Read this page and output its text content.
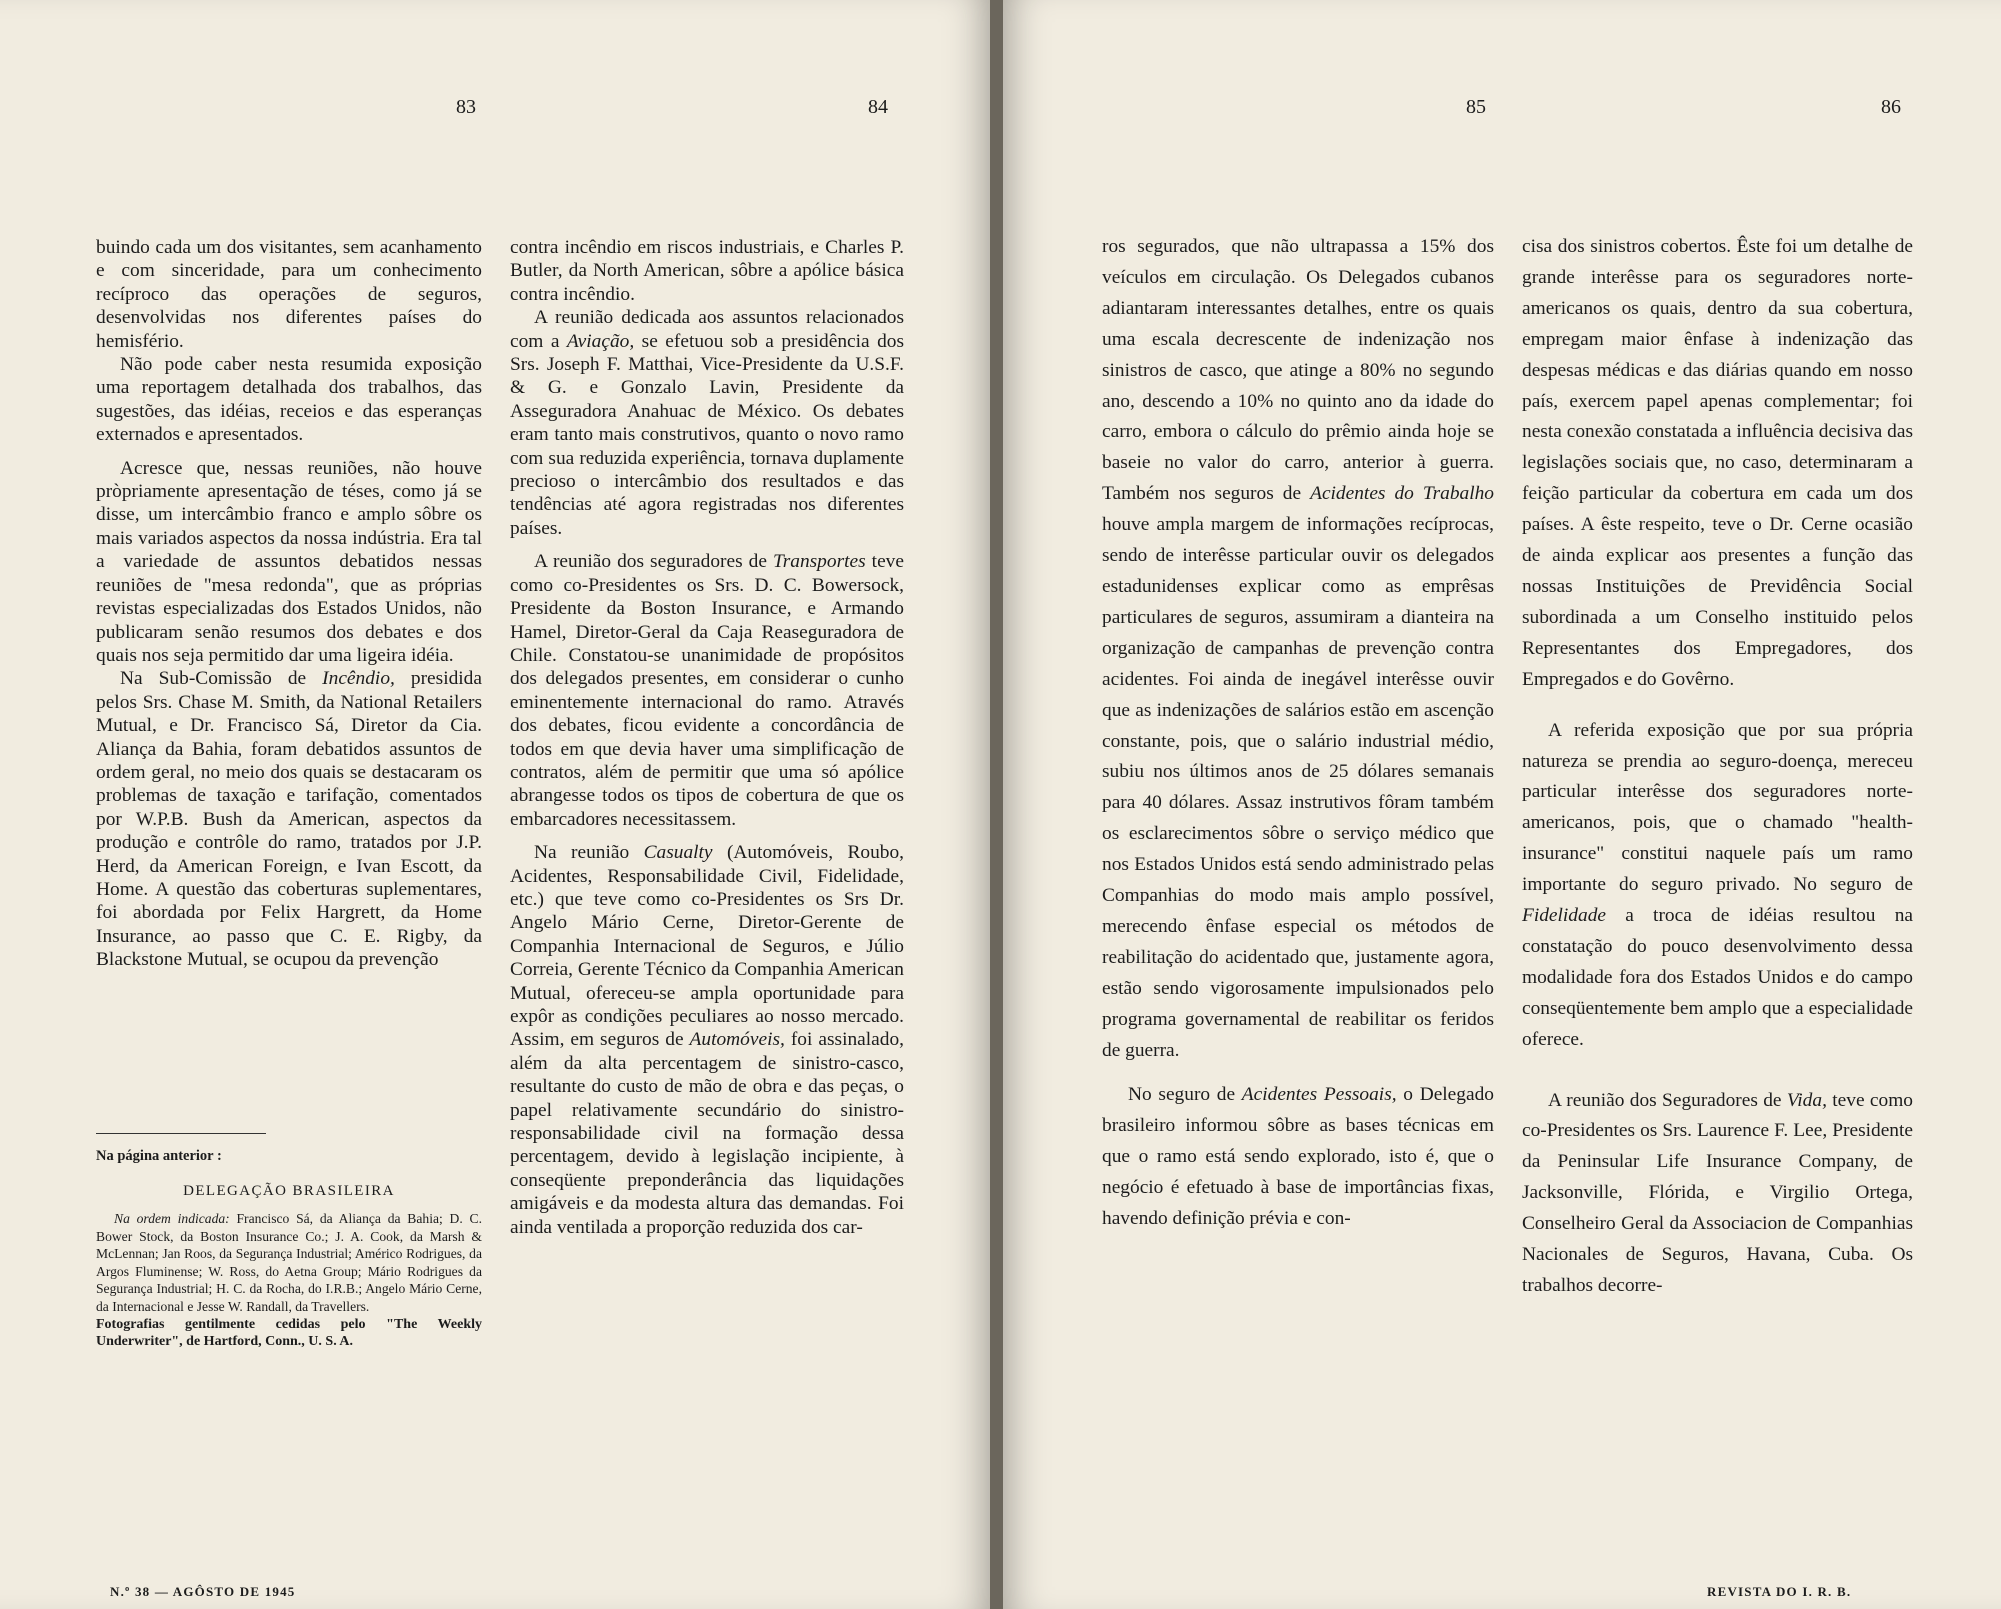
83	84

buindo cada um dos visitantes, sem acanhamento e com sinceridade, para um conhecimento recíproco das operações de seguros, desenvolvidas nos diferentes países do hemisfério.

Não pode caber nesta resumida exposição uma reportagem detalhada dos trabalhos, das sugestões, das idéias, receios e das esperanças externados e apresentados.

Acresce que, nessas reuniões, não houve pròpriamente apresentação de téses, como já se disse, um intercâmbio franco e amplo sôbre os mais variados aspectos da nossa indústria. Era tal a variedade de assuntos debatidos nessas reuniões de "mesa redonda", que as próprias revistas especializadas dos Estados Unidos, não publicaram senão resumos dos debates e dos quais nos seja permitido dar uma ligeira idéia.

Na Sub-Comissão de Incêndio, presidida pelos Srs. Chase M. Smith, da National Retailers Mutual, e Dr. Francisco Sá, Diretor da Cia. Aliança da Bahia, foram debatidos assuntos de ordem geral, no meio dos quais se destacaram os problemas de taxação e tarifação, comentados por W.P.B. Bush da American, aspectos da produção e contrôle do ramo, tratados por J.P. Herd, da American Foreign, e Ivan Escott, da Home. A questão das coberturas suplementares, foi abordada por Felix Hargrett, da Home Insurance, ao passo que C. E. Rigby, da Blackstone Mutual, se ocupou da prevenção

Na página anterior :

DELEGAÇÃO BRASILEIRA

Na ordem indicada: Francisco Sá, da Aliança da Bahia; D. C. Bower Stock, da Boston Insurance Co.; J. A. Cook, da Marsh & McLennan; Jan Roos, da Segurança Industrial; Américo Rodrigues, da Argos Fluminense; W. Ross, do Aetna Group; Mário Rodrigues da Segurança Industrial; H. C. da Rocha, do I.R.B.; Angelo Mário Cerne, da Internacional e Jesse W. Randall, da Travellers.

Fotografias gentilmente cedidas pelo "The Weekly Underwriter", de Hartford, Conn., U. S. A.

contra incêndio em riscos industriais, e Charles P. Butler, da North American, sôbre a apólice básica contra incêndio.

A reunião dedicada aos assuntos relacionados com a Aviação, se efetuou sob a presidência dos Srs. Joseph F. Matthai, Vice-Presidente da U.S.F. & G. e Gonzalo Lavin, Presidente da Asseguradora Anahuac de México. Os debates eram tanto mais construtivos, quanto o novo ramo com sua reduzida experiência, tornava duplamente precioso o intercâmbio dos resultados e das tendências até agora registradas nos diferentes países.

A reunião dos seguradores de Transportes teve como co-Presidentes os Srs. D. C. Bowersock, Presidente da Boston Insurance, e Armando Hamel, Diretor-Geral da Caja Reaseguradora de Chile. Constatou-se unanimidade de propósitos dos delegados presentes, em considerar o cunho eminentemente internacional do ramo. Através dos debates, ficou evidente a concordância de todos em que devia haver uma simplificação de contratos, além de permitir que uma só apólice abrangesse todos os tipos de cobertura de que os embarcadores necessitassem.

Na reunião Casualty (Automóveis, Roubo, Acidentes, Responsabilidade Civil, Fidelidade, etc.) que teve como co-Presidentes os Srs Dr. Angelo Mário Cerne, Diretor-Gerente de Companhia Internacional de Seguros, e Júlio Correia, Gerente Técnico da Companhia American Mutual, ofereceu-se ampla oportunidade para expôr as condições peculiares ao nosso mercado. Assim, em seguros de Automóveis, foi assinalado, além da alta percentagem de sinistro-casco, resultante do custo de mão de obra e das peças, o papel relativamente secundário do sinistro-responsabilidade civil na formação dessa percentagem, devido à legislação incipiente, à conseqüente preponderância das liquidações amigáveis e da modesta altura das demandas. Foi ainda ventilada a proporção reduzida dos car-

N.º 38 — AGÔSTO DE 1945
85	86

ros segurados, que não ultrapassa a 15% dos veículos em circulação. Os Delegados cubanos adiantaram interessantes detalhes, entre os quais uma escala decrescente de indenização nos sinistros de casco, que atinge a 80% no segundo ano, descendo a 10% no quinto ano da idade do carro, embora o cálculo do prêmio ainda hoje se baseie no valor do carro, anterior à guerra. Também nos seguros de Acidentes do Trabalho houve ampla margem de informações recíprocas, sendo de interêsse particular ouvir os delegados estadunidenses explicar como as emprêsas particulares de seguros, assumiram a dianteira na organização de campanhas de prevenção contra acidentes. Foi ainda de inegável interêsse ouvir que as indenizações de salários estão em ascenção constante, pois, que o salário industrial médio, subiu nos últimos anos de 25 dólares semanais para 40 dólares. Assaz instrutivos fôram também os esclarecimentos sôbre o serviço médico que nos Estados Unidos está sendo administrado pelas Companhias do modo mais amplo possível, merecendo ênfase especial os métodos de reabilitação do acidentado que, justamente agora, estão sendo vigorosamente impulsionados pelo programa governamental de reabilitar os feridos de guerra.

No seguro de Acidentes Pessoais, o Delegado brasileiro informou sôbre as bases técnicas em que o ramo está sendo explorado, isto é, que o negócio é efetuado à base de importâncias fixas, havendo definição prévia e con-

cisa dos sinistros cobertos. Êste foi um detalhe de grande interêsse para os seguradores norte-americanos os quais, dentro da sua cobertura, empregam maior ênfase à indenização das despesas médicas e das diárias quando em nosso país, exercem papel apenas complementar; foi nesta conexão constatada a influência decisiva das legislações sociais que, no caso, determinaram a feição particular da cobertura em cada um dos países. A êste respeito, teve o Dr. Cerne ocasião de ainda explicar aos presentes a função das nossas Instituições de Previdência Social subordinada a um Conselho instituido pelos Representantes dos Empregadores, dos Empregados e do Govêrno.

A referida exposição que por sua própria natureza se prendia ao seguro-doença, mereceu particular interêsse dos seguradores norte-americanos, pois, que o chamado "health-insurance" constitui naquele país um ramo importante do seguro privado. No seguro de Fidelidade a troca de idéias resultou na constatação do pouco desenvolvimento dessa modalidade fora dos Estados Unidos e do campo conseqüentemente bem amplo que a especialidade oferece.

A reunião dos Seguradores de Vida, teve como co-Presidentes os Srs. Laurence F. Lee, Presidente da Peninsular Life Insurance Company, de Jacksonville, Flórida, e Virgilio Ortega, Conselheiro Geral da Associacion de Companhias Nacionales de Seguros, Havana, Cuba. Os trabalhos decorre-

REVISTA DO I. R. B.
